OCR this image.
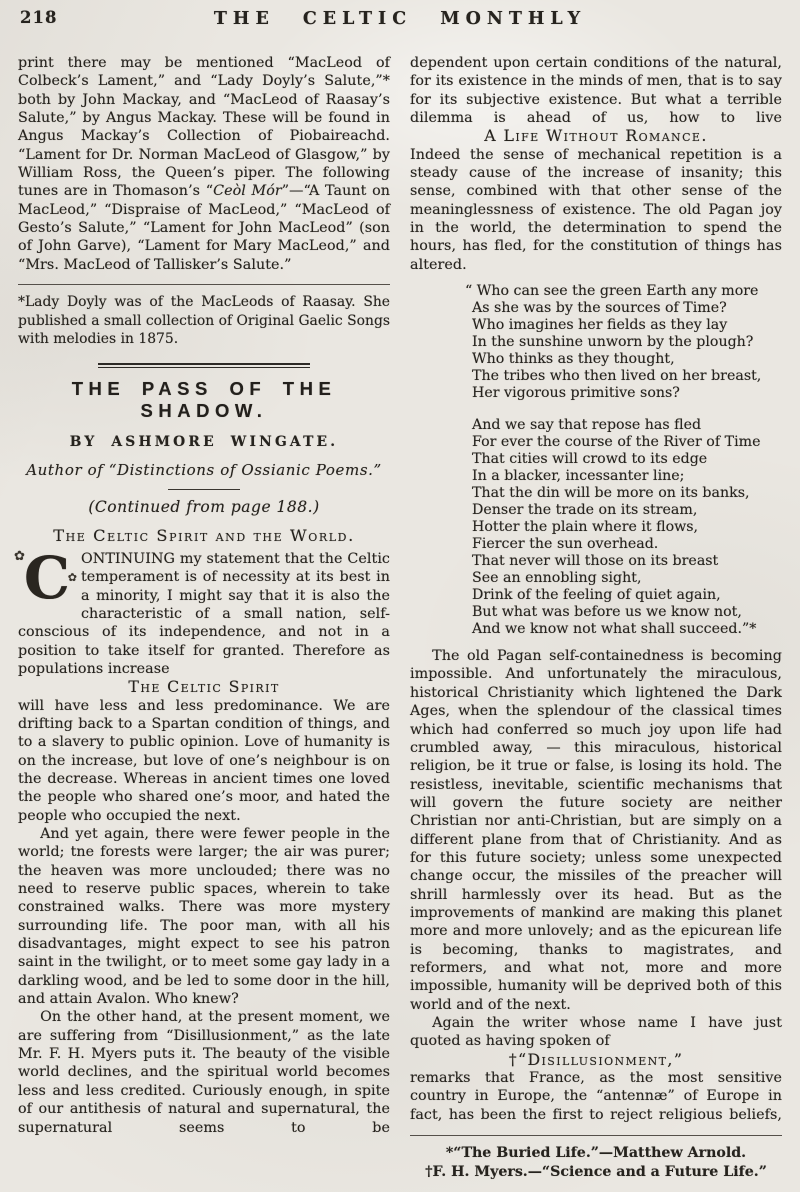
218	THE CELTIC MONTHLY

print there may be mentioned “MacLeod of Colbeck’s Lament,” and “Lady Doyly’s Salute,”* both by John Mackay, and “MacLeod of Raasay’s Salute,” by Angus Mackay. These will be found in Angus Mackay’s Collection of Piobaireachd. “Lament for Dr. Norman MacLeod of Glasgow,” by William Ross, the Queen’s piper. The following tunes are in Thomason’s “Ceòl Mór”—“A Taunt on MacLeod,” “Dispraise of MacLeod,” “MacLeod of Gesto’s Salute,” “Lament for John MacLeod” (son of John Garve), “Lament for Mary MacLeod,” and “Mrs. MacLeod of Tallisker’s Salute.”

*Lady Doyly was of the MacLeods of Raasay. She published a small collection of Original Gaelic Songs with melodies in 1875.

THE PASS OF THE SHADOW.
BY ASHMORE WINGATE.
Author of “Distinctions of Ossianic Poems.”
(Continued from page 188.)
The Celtic Spirit and the World.

✿
✿
C ONTINUING my statement that the Celtic temperament is of necessity at its best in a minority, I might say that it is also the characteristic of a small nation, self-conscious of its independence, and not in a position to take itself for granted. Therefore as populations increase

The Celtic Spirit

will have less and less predominance. We are drifting back to a Spartan condition of things, and to a slavery to public opinion. Love of humanity is on the increase, but love of one’s neighbour is on the decrease. Whereas in ancient times one loved the people who shared one’s moor, and hated the people who occupied the next.

And yet again, there were fewer people in the world; tne forests were larger; the air was purer; the heaven was more unclouded; there was no need to reserve public spaces, wherein to take constrained walks. There was more mystery surrounding life. The poor man, with all his disadvantages, might expect to see his patron saint in the twilight, or to meet some gay lady in a darkling wood, and be led to some door in the hill, and attain Avalon. Who knew?

On the other hand, at the present moment, we are suffering from “Disillusionment,” as the late Mr. F. H. Myers puts it. The beauty of the visible world declines, and the spiritual world becomes less and less credited. Curiously enough, in spite of our antithesis of natural and supernatural, the supernatural seems to be

dependent upon certain conditions of the natural, for its existence in the minds of men, that is to say for its subjective existence. But what a terrible dilemma is ahead of us, how to live

A Life Without Romance.

Indeed the sense of mechanical repetition is a steady cause of the increase of insanity; this sense, combined with that other sense of the meaninglessness of existence. The old Pagan joy in the world, the determination to spend the hours, has fled, for the constitution of things has altered.

“ Who can see the green Earth any more
As she was by the sources of Time?
Who imagines her fields as they lay
In the sunshine unworn by the plough?
Who thinks as they thought,
The tribes who then lived on her breast,
Her vigorous primitive sons?
And we say that repose has fled
For ever the course of the River of Time
That cities will crowd to its edge
In a blacker, incessanter line;
That the din will be more on its banks,
Denser the trade on its stream,
Hotter the plain where it flows,
Fiercer the sun overhead.
That never will those on its breast
See an ennobling sight,
Drink of the feeling of quiet again,
But what was before us we know not,
And we know not what shall succeed.”*

The old Pagan self-containedness is becoming impossible. And unfortunately the miraculous, historical Christianity which lightened the Dark Ages, when the splendour of the classical times which had conferred so much joy upon life had crumbled away, — this miraculous, historical religion, be it true or false, is losing its hold. The resistless, inevitable, scientific mechanisms that will govern the future society are neither Christian nor anti-Christian, but are simply on a different plane from that of Christianity. And as for this future society; unless some unexpected change occur, the missiles of the preacher will shrill harmlessly over its head. But as the improvements of mankind are making this planet more and more unlovely; and as the epicurean life is becoming, thanks to magistrates, and reformers, and what not, more and more impossible, humanity will be deprived both of this world and of the next.

Again the writer whose name I have just quoted as having spoken of

†“Disillusionment,”

remarks that France, as the most sensitive country in Europe, the “antennæ” of Europe in fact, has been the first to reject religious beliefs,

*“The Buried Life.”—Matthew Arnold.
†F. H. Myers.—“Science and a Future Life.”
